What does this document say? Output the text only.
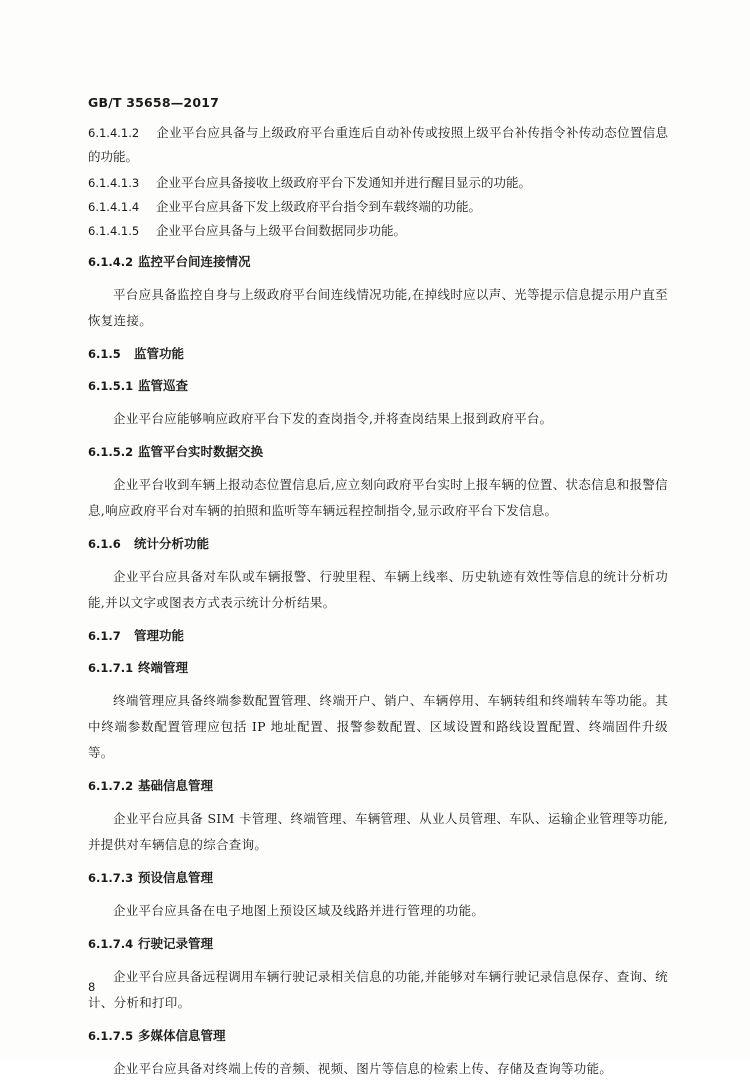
GB/T 35658—2017
6.1.4.1.2 企业平台应具备与上级政府平台重连后自动补传或按照上级平台补传指令补传动态位置信息的功能。
6.1.4.1.3 企业平台应具备接收上级政府平台下发通知并进行醒目显示的功能。
6.1.4.1.4 企业平台应具备下发上级政府平台指令到车载终端的功能。
6.1.4.1.5 企业平台应具备与上级平台间数据同步功能。
6.1.4.2 监控平台间连接情况
平台应具备监控自身与上级政府平台间连线情况功能,在掉线时应以声、光等提示信息提示用户直至恢复连接。
6.1.5 监管功能
6.1.5.1 监管巡查
企业平台应能够响应政府平台下发的查岗指令,并将查岗结果上报到政府平台。
6.1.5.2 监管平台实时数据交换
企业平台收到车辆上报动态位置信息后,应立刻向政府平台实时上报车辆的位置、状态信息和报警信息,响应政府平台对车辆的拍照和监听等车辆远程控制指令,显示政府平台下发信息。
6.1.6 统计分析功能
企业平台应具备对车队或车辆报警、行驶里程、车辆上线率、历史轨迹有效性等信息的统计分析功能,并以文字或图表方式表示统计分析结果。
6.1.7 管理功能
6.1.7.1 终端管理
终端管理应具备终端参数配置管理、终端开户、销户、车辆停用、车辆转组和终端转车等功能。其中终端参数配置管理应包括 IP 地址配置、报警参数配置、区域设置和路线设置配置、终端固件升级等。
6.1.7.2 基础信息管理
企业平台应具备 SIM 卡管理、终端管理、车辆管理、从业人员管理、车队、运输企业管理等功能,并提供对车辆信息的综合查询。
6.1.7.3 预设信息管理
企业平台应具备在电子地图上预设区域及线路并进行管理的功能。
6.1.7.4 行驶记录管理
企业平台应具备远程调用车辆行驶记录相关信息的功能,并能够对车辆行驶记录信息保存、查询、统计、分析和打印。
6.1.7.5 多媒体信息管理
企业平台应具备对终端上传的音频、视频、图片等信息的检索上传、存储及查询等功能。
8
